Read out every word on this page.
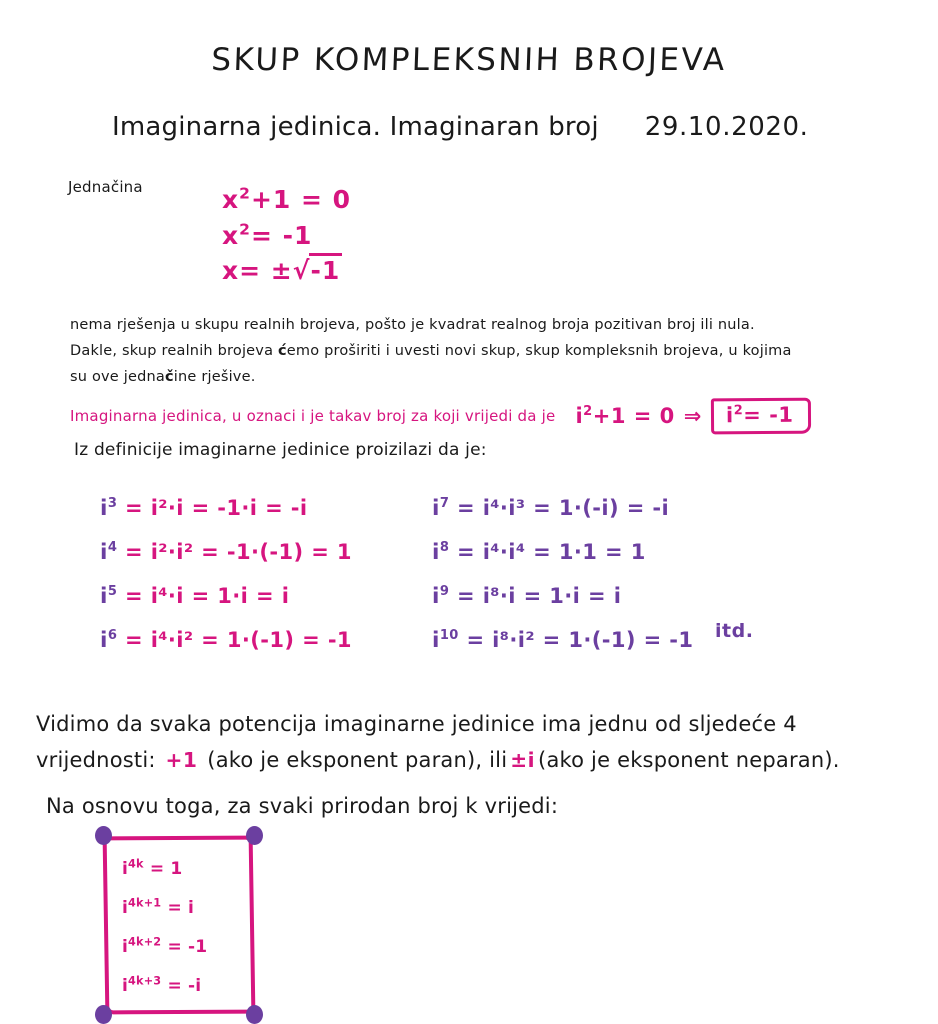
SKUP KOMPLEKSNIH BROJEVA
Imaginarna jedinica. Imaginaran broj 29.10.2020.
Jednačina	$x^2+1 = 0$
$x^2= -1$
x= ±√-1
nema rješenja u skupu realnih brojeva, pošto je kvadrat realnog broja pozitivan broj ili nula.
Dakle, skup realnih brojeva ćemo proširiti i uvesti novi skup, skup kompleksnih brojeva, u kojima
su ove jednačine rješive.
Imaginarna jedinica, u oznaci i je takav broj za koji vrijedi da je $i^2+1 = 0$ ⇒	$i^2= -1$
Iz definicije imaginarne jedinice proizilazi da je:
$i^3 = i^2\cdot i = -1\cdot i = -i$
$i^4 = i^2\cdot i^2 = -1\cdot(-1) = 1$
$i^5 = i^4\cdot i = 1\cdot i = i$
$i^6 = i^4\cdot i^2 = 1\cdot(-1) = -1$
$i^7 = i^4\cdot i^3 = 1\cdot(-i) = -i$
$i^8 = i^4\cdot i^4 = 1\cdot 1 = 1$
$i^9 = i^8\cdot i = 1\cdot i = i$
$i^{10} = i^8\cdot i^2 = 1\cdot(-1) = -1$ itd.
Vidimo da svaka potencija imaginarne jedinice ima jednu od sljedeće 4
vrijednosti: +1 (ako je eksponent paran), ili ±i (ako je eksponent neparan).
Na osnovu toga, za svaki prirodan broj k vrijedi:
$i^{4k} = 1$
$i^{4k+1} = i$
$i^{4k+2} = -1$
$i^{4k+3} = -i$
